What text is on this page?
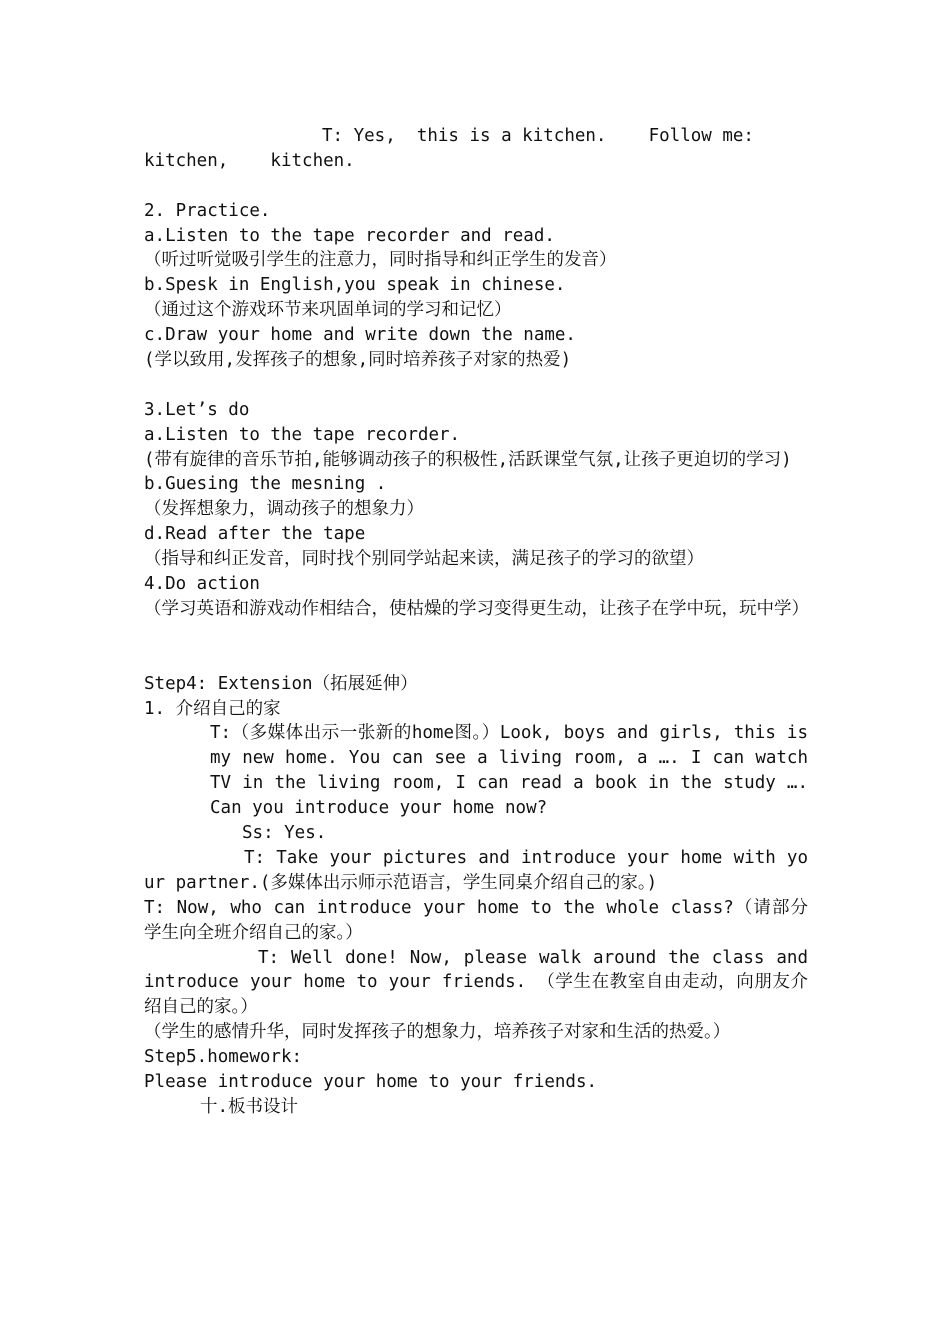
T: Yes,  this is a kitchen.    Follow me:
kitchen,    kitchen.
2. Practice.
a.Listen to the tape recorder and read.
（听过听觉吸引学生的注意力，同时指导和纠正学生的发音）
b.Spesk in English,you speak in chinese.
（通过这个游戏环节来巩固单词的学习和记忆）
c.Draw your home and write down the name.
(学以致用,发挥孩子的想象,同时培养孩子对家的热爱)
3.Let’s do
a.Listen to the tape recorder.
(带有旋律的音乐节拍,能够调动孩子的积极性,活跃课堂气氛,让孩子更迫切的学习)
b.Guesing the mesning .
（发挥想象力，调动孩子的想象力）
d.Read after the tape
（指导和纠正发音，同时找个别同学站起来读，满足孩子的学习的欲望）
4.Do action
（学习英语和游戏动作相结合，使枯燥的学习变得更生动，让孩子在学中玩，玩中学）
Step4: Extension（拓展延伸）
1. 介绍自己的家
T:（多媒体出示一张新的home图。）Look, boys and girls, this is my new home. You can see a living room, a …. I can watch TV in the living room, I can read a book in the study …. Can you introduce your home now?
Ss: Yes.
T: Take your pictures and introduce your home with your partner.(多媒体出示师示范语言，学生同桌介绍自己的家。)
T: Now, who can introduce your home to the whole class?（请部分学生向全班介绍自己的家。）
T: Well done! Now, please walk around the class and introduce your home to your friends. （学生在教室自由走动，向朋友介绍自己的家。）
（学生的感情升华，同时发挥孩子的想象力，培养孩子对家和生活的热爱。）
Step5.homework:
Please introduce your home to your friends.
十.板书设计
